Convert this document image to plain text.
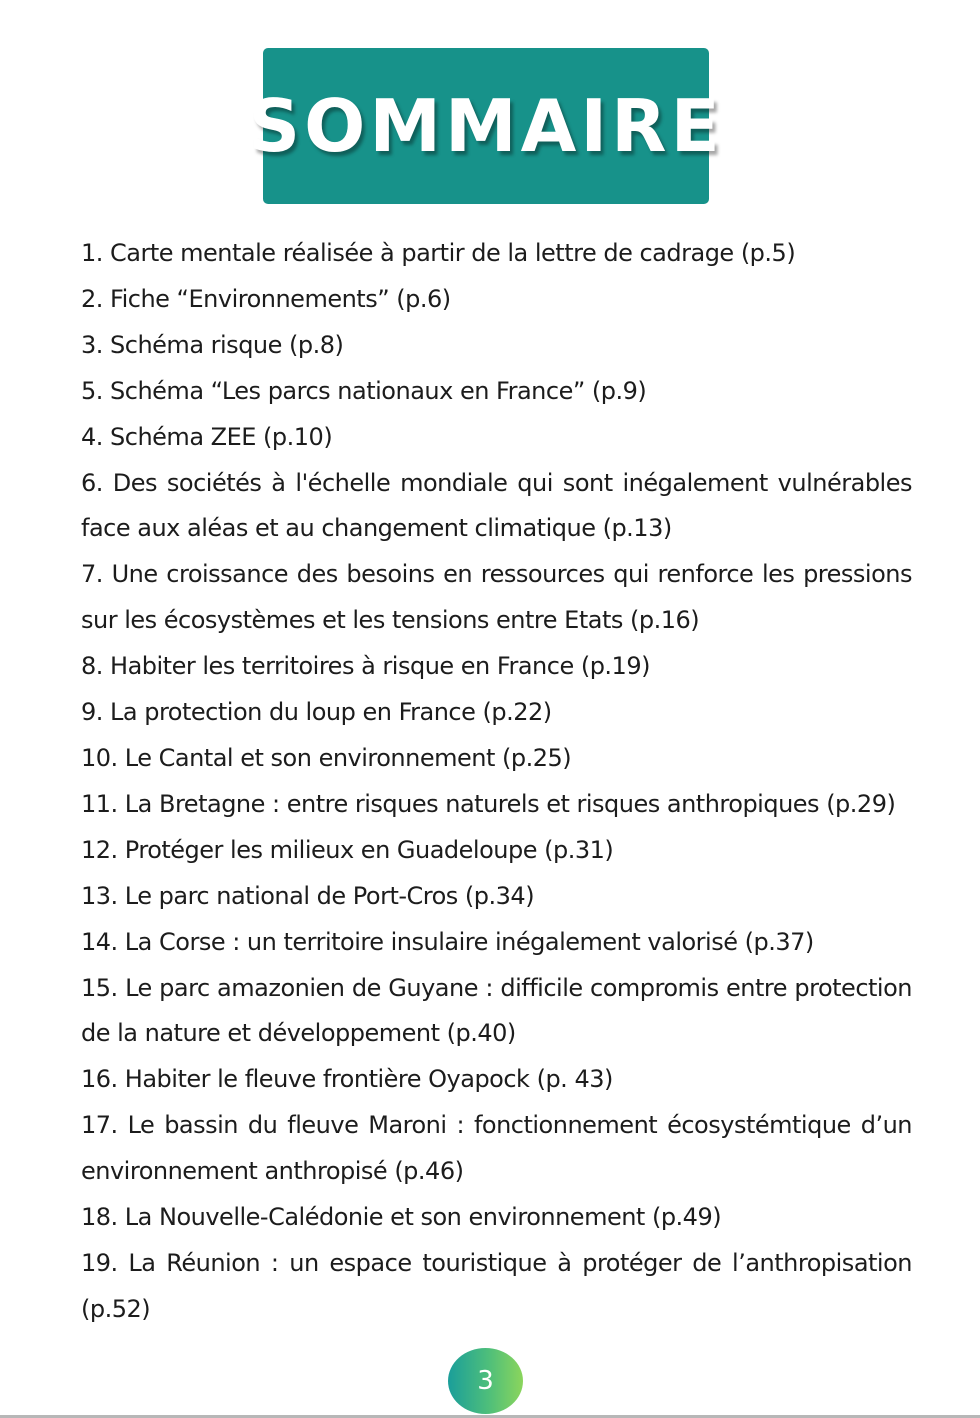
SOMMAIRE
1. Carte mentale réalisée à partir de la lettre de cadrage (p.5)
2. Fiche “Environnements” (p.6)
3. Schéma risque (p.8)
5. Schéma “Les parcs nationaux en France” (p.9)
4. Schéma ZEE (p.10)
6. Des sociétés à l'échelle mondiale qui sont inégalement vulnérables face aux aléas et au changement climatique (p.13)
7. Une croissance des besoins en ressources qui renforce les pressions sur les écosystèmes et les tensions entre Etats (p.16)
8. Habiter les territoires à risque en France (p.19)
9. La protection du loup en France (p.22)
10. Le Cantal et son environnement (p.25)
11. La Bretagne : entre risques naturels et risques anthropiques (p.29)
12. Protéger les milieux en Guadeloupe (p.31)
13. Le parc national de Port-Cros (p.34)
14. La Corse : un territoire insulaire inégalement valorisé (p.37)
15. Le parc amazonien de Guyane : difficile compromis entre protection de la nature et développement (p.40)
16. Habiter le fleuve frontière Oyapock (p. 43)
17. Le bassin du fleuve Maroni : fonctionnement écosystémtique d’un environnement anthropisé (p.46)
18. La Nouvelle-Calédonie et son environnement (p.49)
19. La Réunion : un espace touristique à protéger de l’anthropisation (p.52)
3
